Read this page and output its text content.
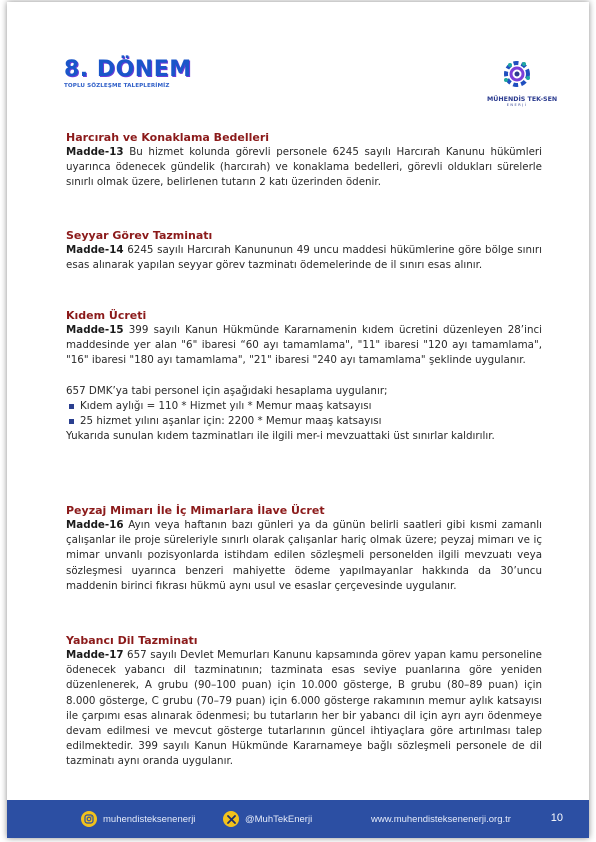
8. DÖNEM
TOPLU SÖZLEŞME TALEPLERİMİZ
MÜHENDİS TEK-SEN
ENERJİ
Harcırah ve Konaklama Bedelleri

Madde-13 Bu hizmet kolunda görevli personele 6245 sayılı Harcırah Kanunu hükümleri uyarınca ödenecek gündelik (harcırah) ve konaklama bedelleri, görevli oldukları sürelerle sınırlı olmak üzere, belirlenen tutarın 2 katı üzerinden ödenir.

Seyyar Görev Tazminatı

Madde-14 6245 sayılı Harcırah Kanununun 49 uncu maddesi hükümlerine göre bölge sınırı esas alınarak yapılan seyyar görev tazminatı ödemelerinde de il sınırı esas alınır.

Kıdem Ücreti

Madde-15 399 sayılı Kanun Hükmünde Kararnamenin kıdem ücretini düzenleyen 28’inci maddesinde yer alan "6" ibaresi “60 ayı tamamlama", "11" ibaresi "120 ayı tamamlama", "16" ibaresi "180 ayı tamamlama", "21" ibaresi "240 ayı tamamlama" şeklinde uygulanır.

657 DMK’ya tabi personel için aşağıdaki hesaplama uygulanır;

Kıdem aylığı = 110 * Hizmet yılı * Memur maaş katsayısı
25 hizmet yılını aşanlar için: 2200 * Memur maaş katsayısı

Yukarıda sunulan kıdem tazminatları ile ilgili mer-i mevzuattaki üst sınırlar kaldırılır.

Peyzaj Mimarı İle İç Mimarlara İlave Ücret

Madde-16 Ayın veya haftanın bazı günleri ya da günün belirli saatleri gibi kısmi zamanlı çalışanlar ile proje süreleriyle sınırlı olarak çalışanlar hariç olmak üzere; peyzaj mimarı ve iç mimar unvanlı pozisyonlarda istihdam edilen sözleşmeli personelden ilgili mevzuatı veya sözleşmesi uyarınca benzeri mahiyette ödeme yapılmayanlar hakkında da 30’uncu maddenin birinci fıkrası hükmü aynı usul ve esaslar çerçevesinde uygulanır.

Yabancı Dil Tazminatı

Madde-17 657 sayılı Devlet Memurları Kanunu kapsamında görev yapan kamu personeline ödenecek yabancı dil tazminatının; tazminata esas seviye puanlarına göre yeniden düzenlenerek, A grubu (90–100 puan) için 10.000 gösterge, B grubu (80–89 puan) için 8.000 gösterge, C grubu (70–79 puan) için 6.000 gösterge rakamının memur aylık katsayısı ile çarpımı esas alınarak ödenmesi; bu tutarların her bir yabancı dil için ayrı ayrı ödenmeye devam edilmesi ve mevcut gösterge tutarlarının güncel ihtiyaçlara göre artırılması talep edilmektedir. 399 sayılı Kanun Hükmünde Kararnameye bağlı sözleşmeli personele de dil tazminatı aynı oranda uygulanır.

muhendisteksenenerji	@MuhTekEnerji	www.muhendisteksenenerji.org.tr	10
